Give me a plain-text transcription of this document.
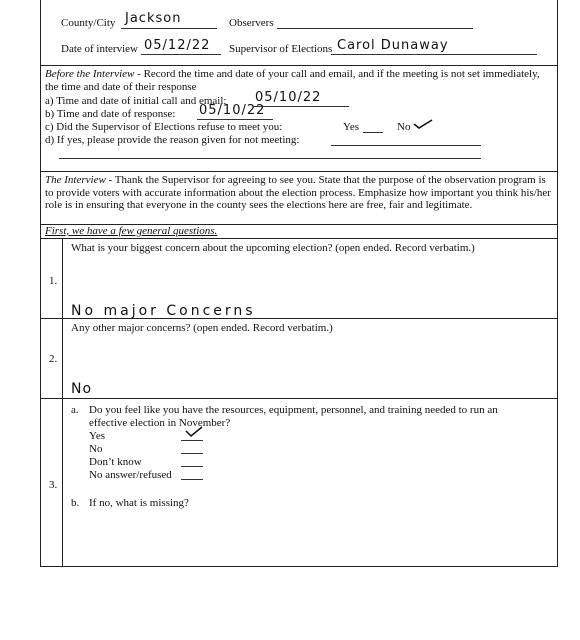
County/City Jackson	Observers
Date of interview 05/12/22 Supervisor of Elections Carol Dunaway
Before the Interview - Record the time and date of your call and email, and if the meeting is not set immediately, the time and date of their response
a) Time and date of initial call and email: 05/10/22
b) Time and date of response: 05/10/22
c) Did the Supervisor of Elections refuse to meet you:	Yes	No
d) If yes, please provide the reason given for not meeting:
The Interview - Thank the Supervisor for agreeing to see you. State that the purpose of the observation program is to provide voters with accurate information about the election process. Emphasize how important you think his/her role is in ensuring that everyone in the county sees the elections here are free, fair and legitimate.
First, we have a few general questions.
1.
What is your biggest concern about the upcoming election? (open ended. Record verbatim.)
No major Concerns
2.
Any other major concerns? (open ended. Record verbatim.)
No
3.
a. Do you feel like you have the resources, equipment, personnel, and training needed to run an
effective election in November?
Yes
No
Don’t know
No answer/refused
b. If no, what is missing?
